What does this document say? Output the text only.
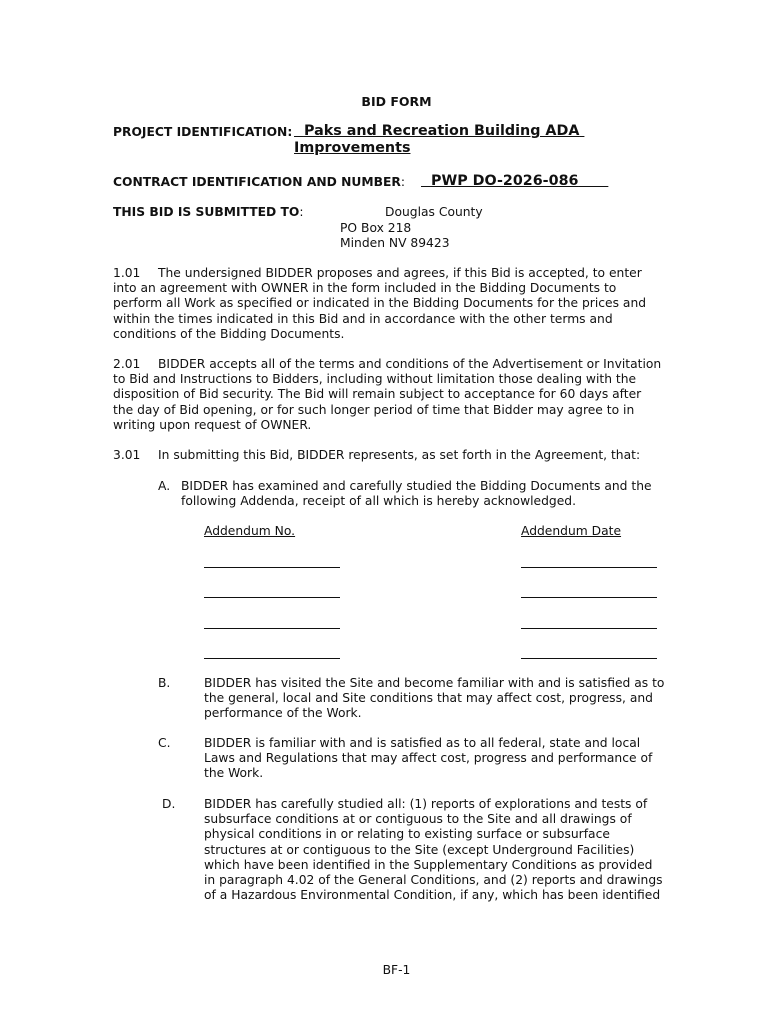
BID FORM
PROJECT IDENTIFICATION: Paks and Recreation Building ADA
Improvements
CONTRACT IDENTIFICATION AND NUMBER:	PWP DO-2026-086
THIS BID IS SUBMITTED TO:	Douglas County
PO Box 218
Minden NV 89423
1.01 The undersigned BIDDER proposes and agrees, if this Bid is accepted, to enter
into an agreement with OWNER in the form included in the Bidding Documents to
perform all Work as specified or indicated in the Bidding Documents for the prices and
within the times indicated in this Bid and in accordance with the other terms and
conditions of the Bidding Documents.
2.01 BIDDER accepts all of the terms and conditions of the Advertisement or Invitation
to Bid and Instructions to Bidders, including without limitation those dealing with the
disposition of Bid security. The Bid will remain subject to acceptance for 60 days after
the day of Bid opening, or for such longer period of time that Bidder may agree to in
writing upon request of OWNER.
3.01 In submitting this Bid, BIDDER represents, as set forth in the Agreement, that:
A. BIDDER has examined and carefully studied the Bidding Documents and the
following Addenda, receipt of all which is hereby acknowledged.
Addendum No.	Addendum Date
B.	BIDDER has visited the Site and become familiar with and is satisfied as to
the general, local and Site conditions that may affect cost, progress, and
performance of the Work.
C.	BIDDER is familiar with and is satisfied as to all federal, state and local
Laws and Regulations that may affect cost, progress and performance of
the Work.
D. BIDDER has carefully studied all: (1) reports of explorations and tests of
subsurface conditions at or contiguous to the Site and all drawings of
physical conditions in or relating to existing surface or subsurface
structures at or contiguous to the Site (except Underground Facilities)
which have been identified in the Supplementary Conditions as provided
in paragraph 4.02 of the General Conditions, and (2) reports and drawings
of a Hazardous Environmental Condition, if any, which has been identified
BF-1
